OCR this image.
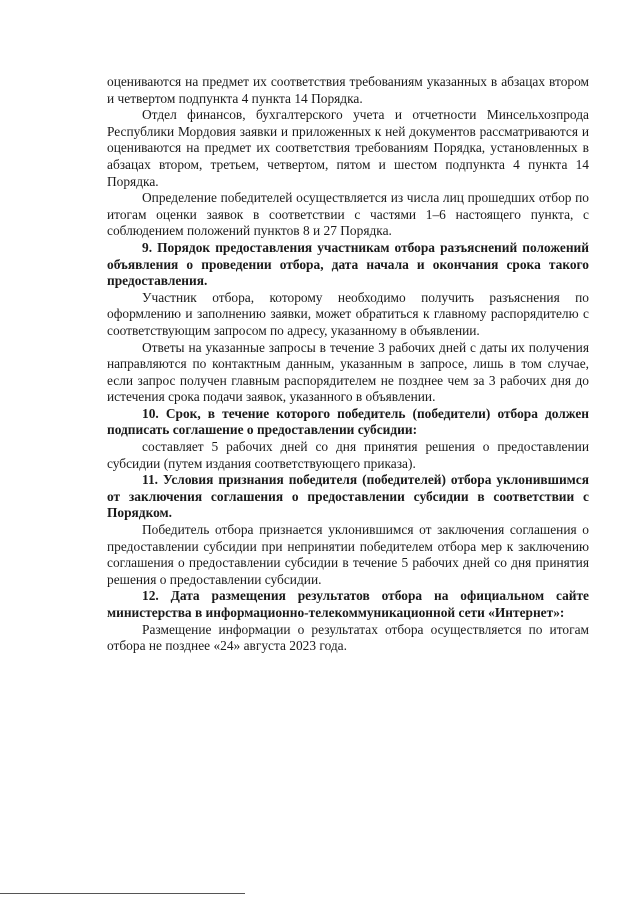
оцениваются на предмет их соответствия требованиям указанных в абзацах втором и четвертом подпункта 4 пункта 14 Порядка.

Отдел финансов, бухгалтерского учета и отчетности Минсельхозпрода Республики Мордовия заявки и приложенных к ней документов рассматриваются и оцениваются на предмет их соответствия требованиям Порядка, установленных в абзацах втором, третьем, четвертом, пятом и шестом подпункта 4 пункта 14 Порядка.

Определение победителей осуществляется из числа лиц прошедших отбор по итогам оценки заявок в соответствии с частями 1–6 настоящего пункта, с соблюдением положений пунктов 8 и 27 Порядка.

9. Порядок предоставления участникам отбора разъяснений положений объявления о проведении отбора, дата начала и окончания срока такого предоставления.

Участник отбора, которому необходимо получить разъяснения по оформлению и заполнению заявки, может обратиться к главному распорядителю с соответствующим запросом по адресу, указанному в объявлении.

Ответы на указанные запросы в течение 3 рабочих дней с даты их получения направляются по контактным данным, указанным в запросе, лишь в том случае, если запрос получен главным распорядителем не позднее чем за 3 рабочих дня до истечения срока подачи заявок, указанного в объявлении.

10. Срок, в течение которого победитель (победители) отбора должен подписать соглашение о предоставлении субсидии:

составляет 5 рабочих дней со дня принятия решения о предоставлении субсидии (путем издания соответствующего приказа).

11. Условия признания победителя (победителей) отбора уклонившимся от заключения соглашения о предоставлении субсидии в соответствии с Порядком.

Победитель отбора признается уклонившимся от заключения соглашения о предоставлении субсидии при непринятии победителем отбора мер к заключению соглашения о предоставлении субсидии в течение 5 рабочих дней со дня принятия решения о предоставлении субсидии.

12. Дата размещения результатов отбора на официальном сайте министерства в информационно-телекоммуникационной сети «Интернет»:

Размещение информации о результатах отбора осуществляется по итогам отбора не позднее «24» августа 2023 года.
